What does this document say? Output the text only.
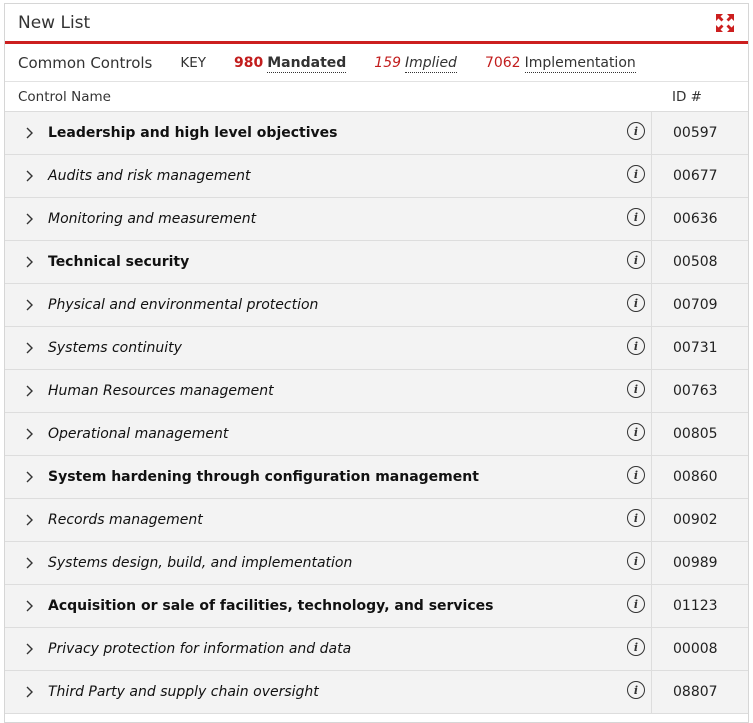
New List
Common Controls KEY 980 Mandated 159 Implied 7062 Implementation
Control Name	ID #
Leadership and high level objectives	i	00597
Audits and risk management	i	00677
Monitoring and measurement	i	00636
Technical security	i	00508
Physical and environmental protection	i	00709
Systems continuity	i	00731
Human Resources management	i	00763
Operational management	i	00805
System hardening through configuration management	i	00860
Records management	i	00902
Systems design, build, and implementation	i	00989
Acquisition or sale of facilities, technology, and services	i	01123
Privacy protection for information and data	i	00008
Third Party and supply chain oversight	i	08807
